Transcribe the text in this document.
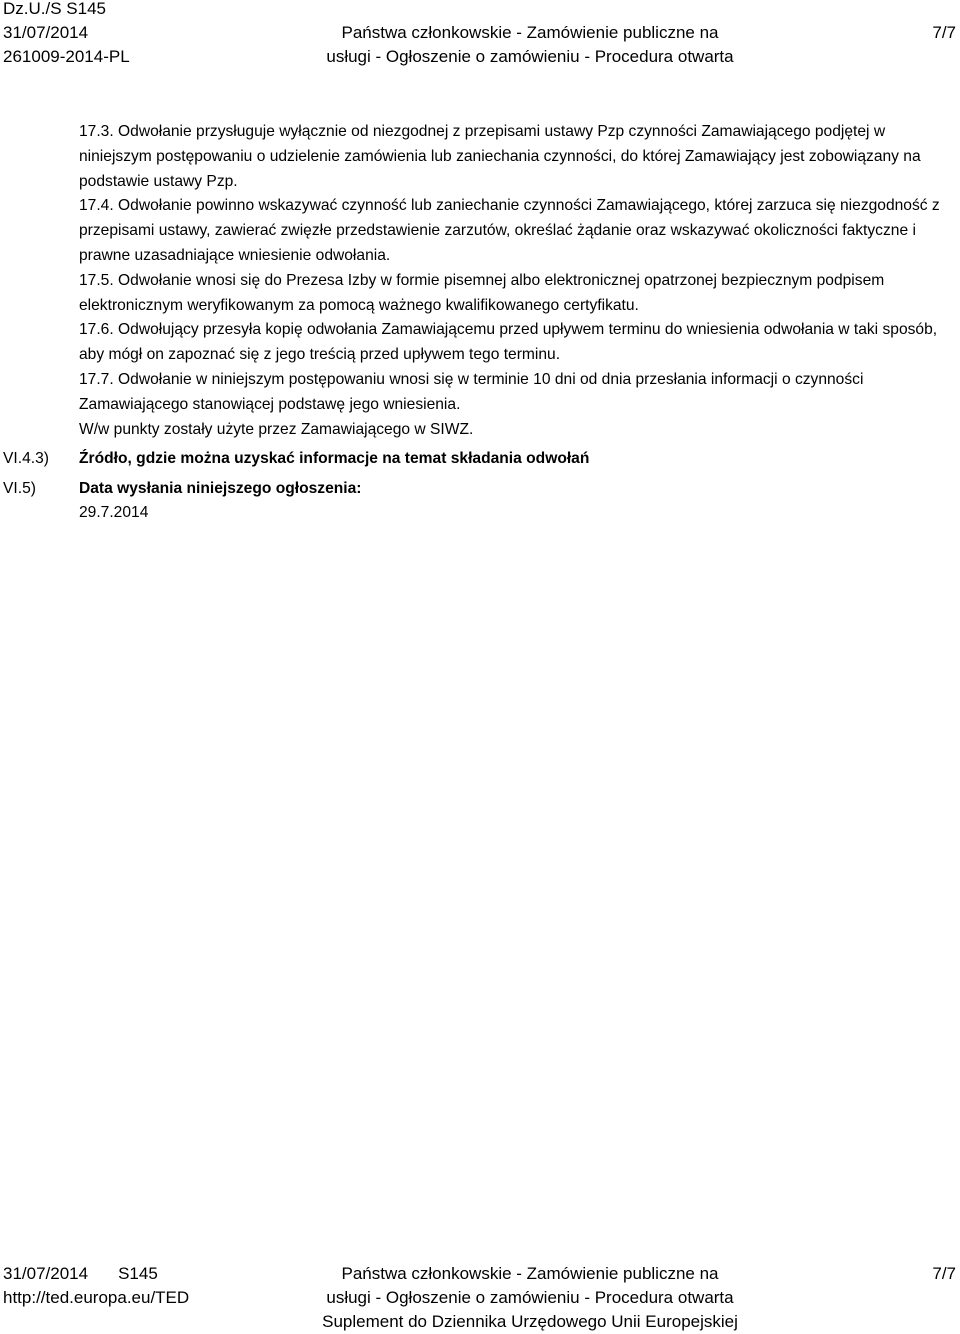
Dz.U./S S145
31/07/2014
261009-2014-PL
Państwa członkowskie - Zamówienie publiczne na
usługi - Ogłoszenie o zamówieniu - Procedura otwarta
7/7

17.3. Odwołanie przysługuje wyłącznie od niezgodnej z przepisami ustawy Pzp czynności Zamawiającego podjętej w niniejszym postępowaniu o udzielenie zamówienia lub zaniechania czynności, do której Zamawiający jest zobowiązany na podstawie ustawy Pzp.

17.4. Odwołanie powinno wskazywać czynność lub zaniechanie czynności Zamawiającego, której zarzuca się niezgodność z przepisami ustawy, zawierać zwięzłe przedstawienie zarzutów, określać żądanie oraz wskazywać okoliczności faktyczne i prawne uzasadniające wniesienie odwołania.

17.5. Odwołanie wnosi się do Prezesa Izby w formie pisemnej albo elektronicznej opatrzonej bezpiecznym podpisem elektronicznym weryfikowanym za pomocą ważnego kwalifikowanego certyfikatu.

17.6. Odwołujący przesyła kopię odwołania Zamawiającemu przed upływem terminu do wniesienia odwołania w taki sposób, aby mógł on zapoznać się z jego treścią przed upływem tego terminu.

17.7. Odwołanie w niniejszym postępowaniu wnosi się w terminie 10 dni od dnia przesłania informacji o czynności Zamawiającego stanowiącej podstawę jego wniesienia.

W/w punkty zostały użyte przez Zamawiającego w SIWZ.

VI.4.3)
VI.5)
Źródło, gdzie można uzyskać informacje na temat składania odwołań
Data wysłania niniejszego ogłoszenia:
29.7.2014
31/07/2014 S145
http://ted.europa.eu/TED
Państwa członkowskie - Zamówienie publiczne na
usługi - Ogłoszenie o zamówieniu - Procedura otwarta
Suplement do Dziennika Urzędowego Unii Europejskiej
7/7
